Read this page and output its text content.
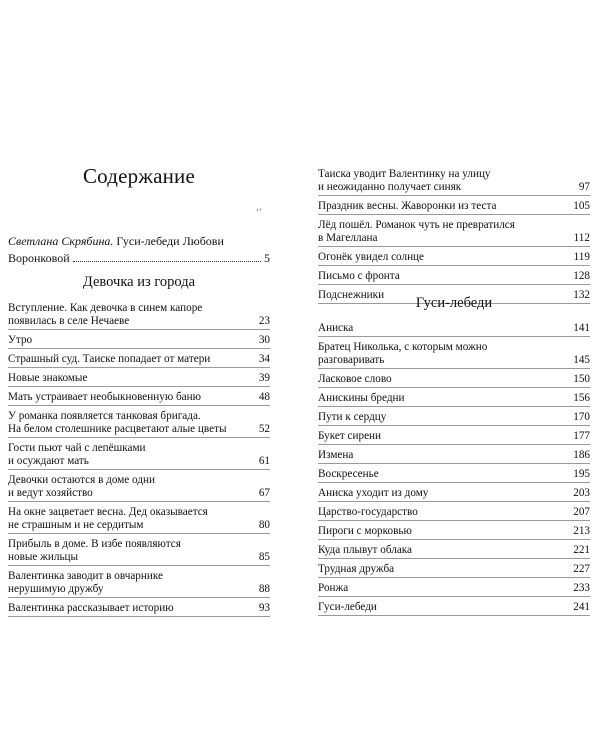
Содержание
ʻʼ
Светлана Скрябина. Гуси-лебеди Любови
Воронковой	5
Девочка из города
Вступление. Как девочка в синем капоре
появилась в селе Нечаеве	23
Утро	30
Страшный суд. Таиске попадает от матери	34
Новые знакомые	39
Мать устраивает необыкновенную баню	48
У романка появляется танковая бригада.
На белом столешнике расцветают алые цветы	52
Гости пьют чай с лепёшками
и осуждают мать	61
Девочки остаются в доме одни
и ведут хозяйство	67
На окне зацветает весна. Дед оказывается
не страшным и не сердитым	80
Прибыль в доме. В избе появляются
новые жильцы	85
Валентинка заводит в овчарнике
нерушимую дружбу	88
Валентинка рассказывает историю	93
Таиска уводит Валентинку на улицу
и неожиданно получает синяк	97
Праздник весны. Жаворонки из теста	105
Лёд пошёл. Романок чуть не превратился
в Магеллана	112
Огонёк увидел солнце	119
Письмо с фронта	128
Подснежники	132
Гуси-лебеди
Аниска	141
Братец Николька, с которым можно
разговаривать	145
Ласковое слово	150
Анискины бредни	156
Пути к сердцу	170
Букет сирени	177
Измена	186
Воскресенье	195
Аниска уходит из дому	203
Царство-государство	207
Пироги с морковью	213
Куда плывут облака	221
Трудная дружба	227
Ронжа	233
Гуси-лебеди	241
